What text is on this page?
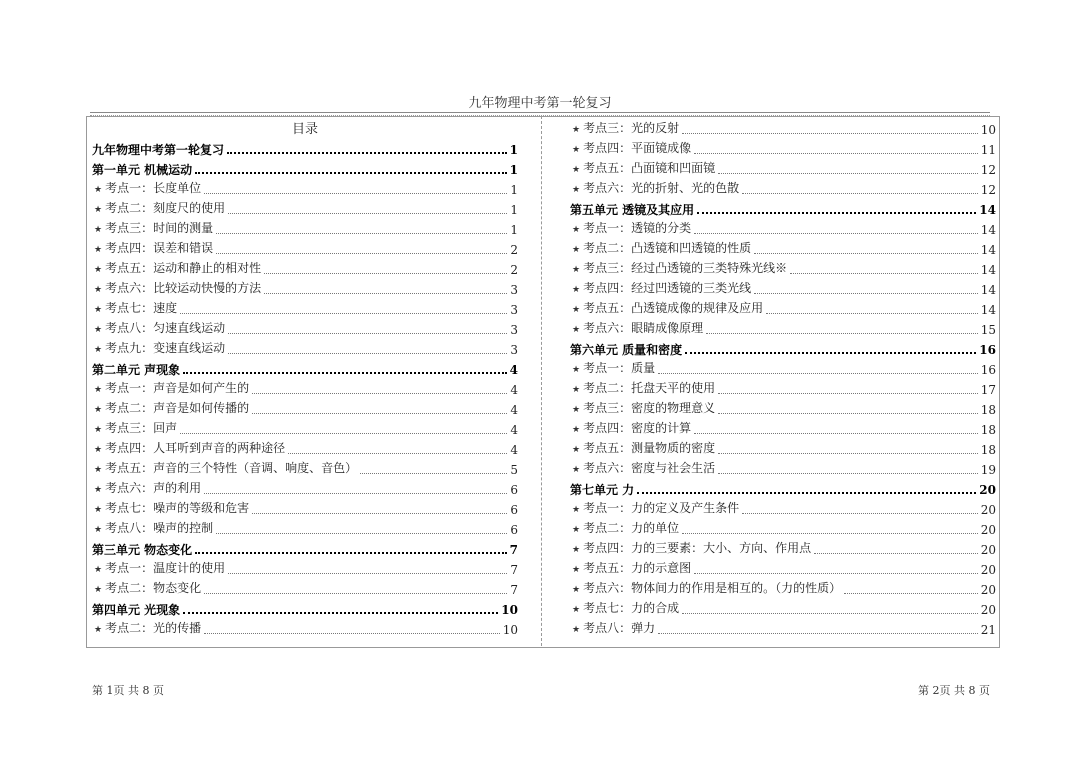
九年物理中考第一轮复习
目录
九年物理中考第一轮复习	1
第一单元 机械运动	1
★ 考点一：长度单位	1
★ 考点二：刻度尺的使用	1
★ 考点三：时间的测量	1
★ 考点四：误差和错误	2
★ 考点五：运动和静止的相对性	2
★ 考点六：比较运动快慢的方法	3
★ 考点七：速度	3
★ 考点八：匀速直线运动	3
★ 考点九：变速直线运动	3
第二单元 声现象	4
★ 考点一：声音是如何产生的	4
★ 考点二：声音是如何传播的	4
★ 考点三：回声	4
★ 考点四：人耳听到声音的两种途径	4
★ 考点五：声音的三个特性（音调、响度、音色）	5
★ 考点六：声的利用	6
★ 考点七：噪声的等级和危害	6
★ 考点八：噪声的控制	6
第三单元 物态变化	7
★ 考点一：温度计的使用	7
★ 考点二：物态变化	7
第四单元 光现象	10
★ 考点二：光的传播	10
★ 考点三：光的反射	10
★ 考点四：平面镜成像	11
★ 考点五：凸面镜和凹面镜	12
★ 考点六：光的折射、光的色散	12
第五单元 透镜及其应用	14
★ 考点一：透镜的分类	14
★ 考点二：凸透镜和凹透镜的性质	14
★ 考点三：经过凸透镜的三类特殊光线※	14
★ 考点四：经过凹透镜的三类光线	14
★ 考点五：凸透镜成像的规律及应用	14
★ 考点六：眼睛成像原理	15
第六单元 质量和密度	16
★ 考点一：质量	16
★ 考点二：托盘天平的使用	17
★ 考点三：密度的物理意义	18
★ 考点四：密度的计算	18
★ 考点五：测量物质的密度	18
★ 考点六：密度与社会生活	19
第七单元 力	20
★ 考点一：力的定义及产生条件	20
★ 考点二：力的单位	20
★ 考点四：力的三要素：大小、方向、作用点	20
★ 考点五：力的示意图	20
★ 考点六：物体间力的作用是相互的。（力的性质）	20
★ 考点七：力的合成	20
★ 考点八：弹力	21
第 1页 共 8 页	第 2页 共 8 页
